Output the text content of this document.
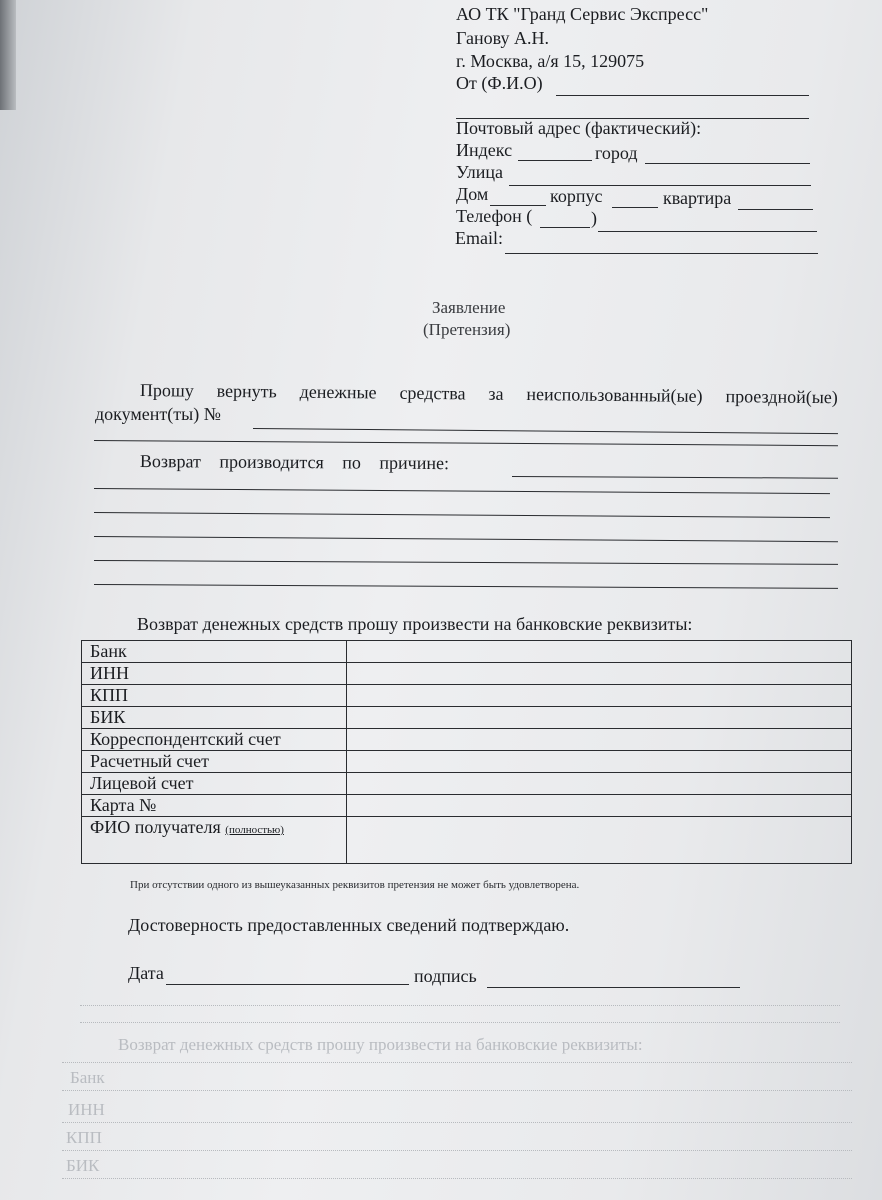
АО ТК "Гранд Сервис Экспресс"
Ганову А.Н.
г. Москва, а/я 15, 129075
От (Ф.И.О)
Почтовый адрес (фактический):
Индекс	город
Улица
Дом	корпус	квартира
Телефон (	)
Email:
Заявление
(Претензия)
Прошу вернуть денежные средства за неиспользованный(ые) проездной(ые)
документ(ты) №
Возврат производится по причине:
Возврат денежных средств прошу произвести на банковские реквизиты:
Банк	
ИНН	
КПП	
БИК	
Корреспондентский счет	
Расчетный счет	
Лицевой счет	
Карта №	
ФИО получателя (полностью)	
При отсутствии одного из вышеуказанных реквизитов претензия не может быть удовлетворена.
Достоверность предоставленных сведений подтверждаю.
Дата	подпись
Возврат денежных средств прошу произвести на банковские реквизиты:
Банк
ИНН
КПП
БИК
